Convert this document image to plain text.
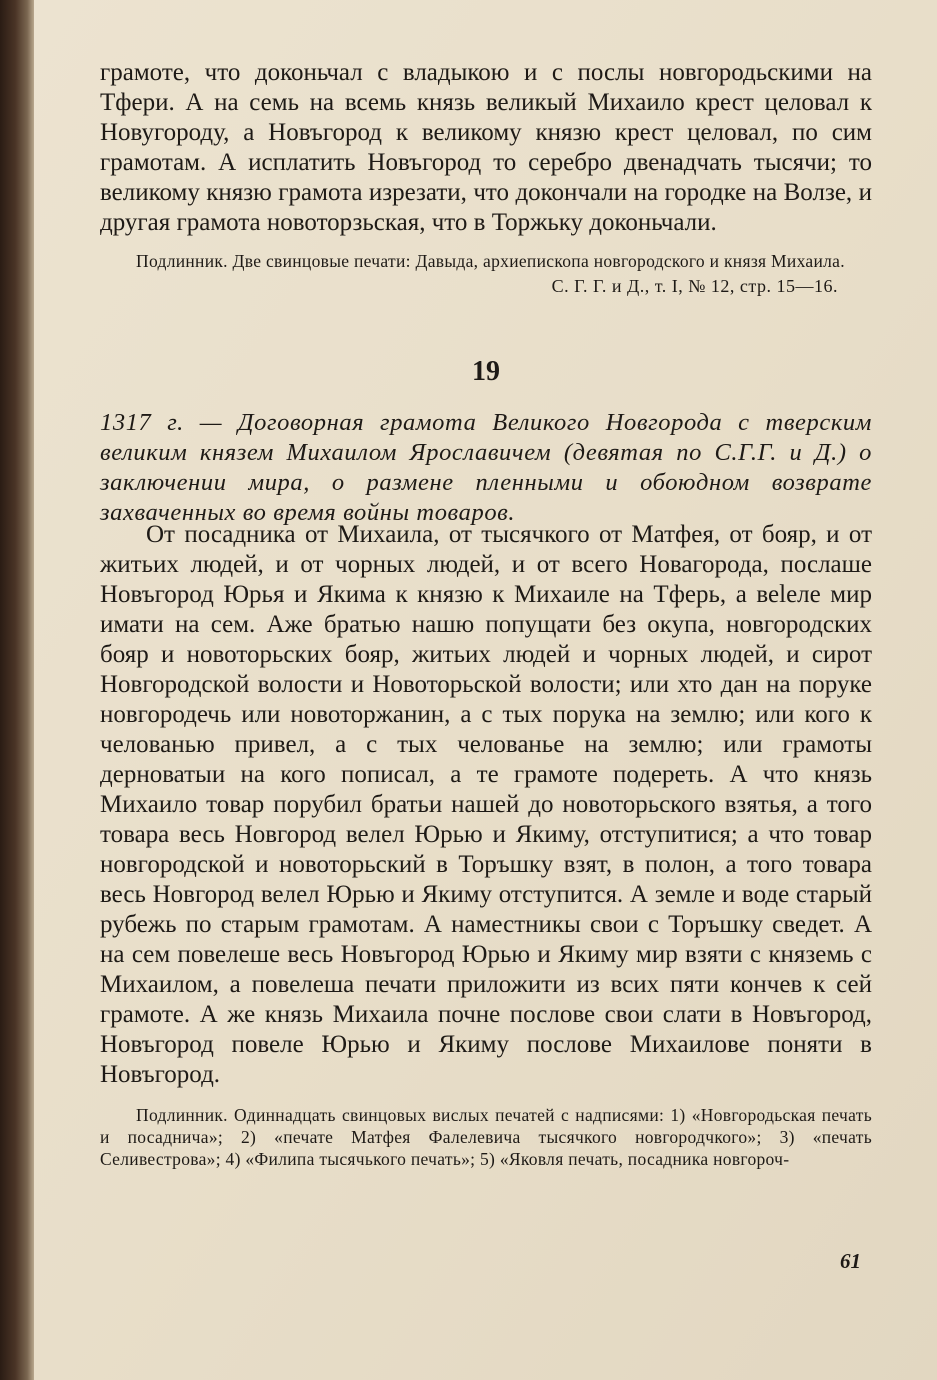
грамоте, что доконьчал с владыкою и с послы новгородьскими на Тфери. А на семь на всемь князь великый Михаило крест целовал к Новугороду, а Новъгород к великому князю крест целовал, по сим грамотам. А исплатить Новъгород то серебро двенадчать тысячи; то великому князю грамота изрезати, что докончали на городке на Волзе, и другая грамота новоторзьская, что в Торжьку доконьчали.

Подлинник. Две свинцовые печати: Давыда, архиепископа новгородского и князя Михаила.

С. Г. Г. и Д., т. I, № 12, стр. 15—16.

19

1317 г. — Договорная грамота Великого Новгорода с тверским великим князем Михаилом Ярославичем (девятая по С.Г.Г. и Д.) о заключении мира, о размене пленными и обоюдном возврате захваченных во время войны товаров.

От посадника от Михаила, от тысячкого от Матфея, от бояр, и от житьих людей, и от чорных людей, и от всего Новагорода, послаше Новъгород Юрья и Якима к князю к Михаиле на Тферь, а веleле мир имати на сем. Аже братью нашю попущати без окупа, новгородских бояр и новоторьских бояр, житьих людей и чорных людей, и сирот Новгородской волости и Новоторьской волости; или хто дан на поруке новгородечь или новоторжанин, а с тых порука на землю; или кого к челованью привел, а с тых челованье на землю; или грамоты дерноватыи на кого пописал, а те грамоте подерeть. А что князь Михаило товар порубил братьи нашей до новоторьского взятья, а того товара весь Новгород велел Юрью и Якиму, отступитися; а что товар новгородской и новоторьский в Торъшку взят, в полон, а того товара весь Новгород велел Юрью и Якиму отступится. А земле и воде старый рубежь по старым грамотам. А наместникы свои с Торъшку сведет. А на сем повелеше весь Новъгород Юрью и Якиму мир взяти с княземь с Михаилом, а повелеша печати приложити из всих пяти кончев к сей грамоте. А же князь Михаила почне послове свои слати в Новъгород, Новъгород повеле Юрью и Якиму послове Михаилове поняти в Новъгород.

Подлинник. Одиннадцать свинцовых вислых печатей с надписями: 1) «Новгородьская печать и посадничa»; 2) «печате Матфея Фалелевича тысячкого новгородчкого»; 3) «печать Селивестрова»; 4) «Филипа тысячького печать»; 5) «Яковля печать, посадника новгороч-

61
